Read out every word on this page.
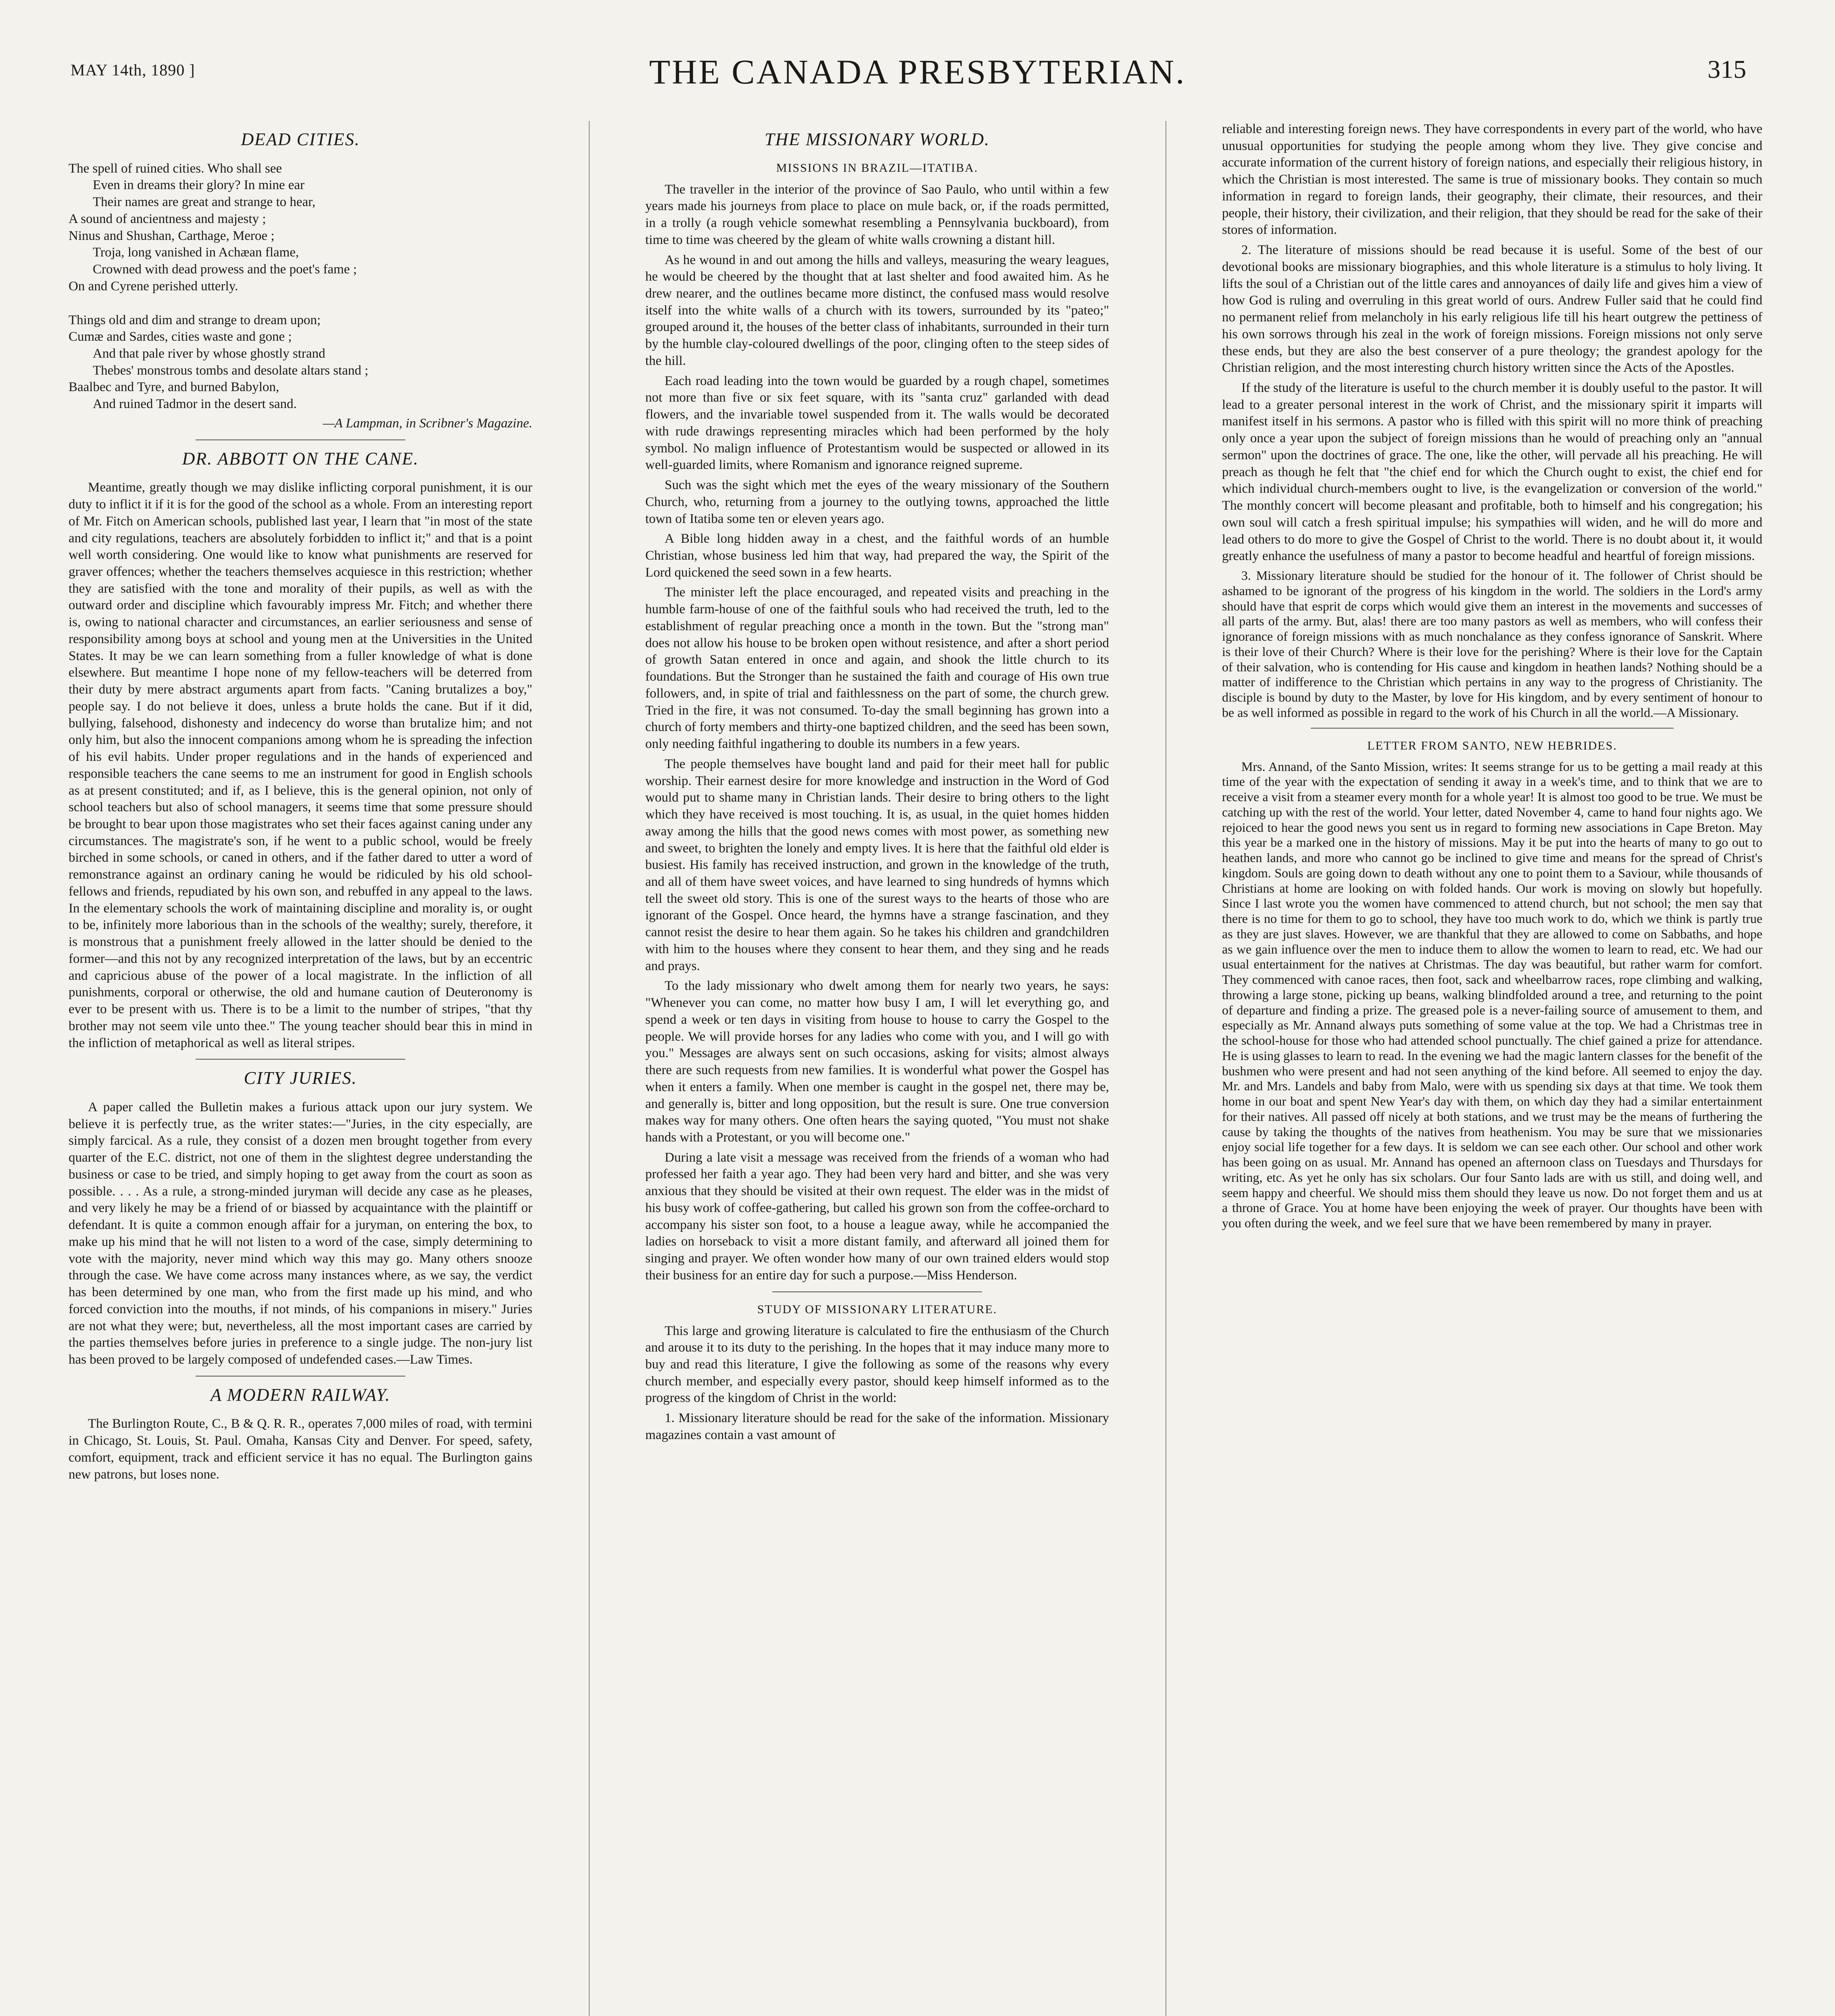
MAY 14th, 1890 ]	THE CANADA PRESBYTERIAN.	315
DEAD CITIES.

The spell of ruined cities. Who shall see

Even in dreams their glory? In mine ear

Their names are great and strange to hear,

A sound of ancientness and majesty ;

Ninus and Shushan, Carthage, Meroe ;

Troja, long vanished in Achæan flame,

Crowned with dead prowess and the poet's fame ;

On and Cyrene perished utterly.

Things old and dim and strange to dream upon;

Cumæ and Sardes, cities waste and gone ;

And that pale river by whose ghostly strand

Thebes' monstrous tombs and desolate altars stand ;

Baalbec and Tyre, and burned Babylon,

And ruined Tadmor in the desert sand.

—A Lampman, in Scribner's Magazine.

DR. ABBOTT ON THE CANE.

Meantime, greatly though we may dislike inflicting corporal punishment, it is our duty to inflict it if it is for the good of the school as a whole. From an interesting report of Mr. Fitch on American schools, published last year, I learn that "in most of the state and city regulations, teachers are absolutely forbidden to inflict it;" and that is a point well worth considering. One would like to know what punishments are reserved for graver offences; whether the teachers themselves acquiesce in this restriction; whether they are satisfied with the tone and morality of their pupils, as well as with the outward order and discipline which favourably impress Mr. Fitch; and whether there is, owing to national character and circumstances, an earlier seriousness and sense of responsibility among boys at school and young men at the Universities in the United States. It may be we can learn something from a fuller knowledge of what is done elsewhere. But meantime I hope none of my fellow-teachers will be deterred from their duty by mere abstract arguments apart from facts. "Caning brutalizes a boy," people say. I do not believe it does, unless a brute holds the cane. But if it did, bullying, falsehood, dishonesty and indecency do worse than brutalize him; and not only him, but also the innocent companions among whom he is spreading the infection of his evil habits. Under proper regulations and in the hands of experienced and responsible teachers the cane seems to me an instrument for good in English schools as at present constituted; and if, as I believe, this is the general opinion, not only of school teachers but also of school managers, it seems time that some pressure should be brought to bear upon those magistrates who set their faces against caning under any circumstances. The magistrate's son, if he went to a public school, would be freely birched in some schools, or caned in others, and if the father dared to utter a word of remonstrance against an ordinary caning he would be ridiculed by his old school-fellows and friends, repudiated by his own son, and rebuffed in any appeal to the laws. In the elementary schools the work of maintaining discipline and morality is, or ought to be, infinitely more laborious than in the schools of the wealthy; surely, therefore, it is monstrous that a punishment freely allowed in the latter should be denied to the former—and this not by any recognized interpretation of the laws, but by an eccentric and capricious abuse of the power of a local magistrate. In the infliction of all punishments, corporal or otherwise, the old and humane caution of Deuteronomy is ever to be present with us. There is to be a limit to the number of stripes, "that thy brother may not seem vile unto thee." The young teacher should bear this in mind in the infliction of metaphorical as well as literal stripes.

CITY JURIES.

A paper called the Bulletin makes a furious attack upon our jury system. We believe it is perfectly true, as the writer states:—"Juries, in the city especially, are simply farcical. As a rule, they consist of a dozen men brought together from every quarter of the E.C. district, not one of them in the slightest degree understanding the business or case to be tried, and simply hoping to get away from the court as soon as possible. . . . As a rule, a strong-minded juryman will decide any case as he pleases, and very likely he may be a friend of or biassed by acquaintance with the plaintiff or defendant. It is quite a common enough affair for a juryman, on entering the box, to make up his mind that he will not listen to a word of the case, simply determining to vote with the majority, never mind which way this may go. Many others snooze through the case. We have come across many instances where, as we say, the verdict has been determined by one man, who from the first made up his mind, and who forced conviction into the mouths, if not minds, of his companions in misery." Juries are not what they were; but, nevertheless, all the most important cases are carried by the parties themselves before juries in preference to a single judge. The non-jury list has been proved to be largely composed of undefended cases.—Law Times.

A MODERN RAILWAY.

The Burlington Route, C., B & Q. R. R., operates 7,000 miles of road, with termini in Chicago, St. Louis, St. Paul. Omaha, Kansas City and Denver. For speed, safety, comfort, equipment, track and efficient service it has no equal. The Burlington gains new patrons, but loses none.

THE MISSIONARY WORLD.
MISSIONS IN BRAZIL—ITATIBA.

The traveller in the interior of the province of Sao Paulo, who until within a few years made his journeys from place to place on mule back, or, if the roads permitted, in a trolly (a rough vehicle somewhat resembling a Pennsylvania buckboard), from time to time was cheered by the gleam of white walls crowning a distant hill.

As he wound in and out among the hills and valleys, measuring the weary leagues, he would be cheered by the thought that at last shelter and food awaited him. As he drew nearer, and the outlines became more distinct, the confused mass would resolve itself into the white walls of a church with its towers, surrounded by its "pateo;" grouped around it, the houses of the better class of inhabitants, surrounded in their turn by the humble clay-coloured dwellings of the poor, clinging often to the steep sides of the hill.

Each road leading into the town would be guarded by a rough chapel, sometimes not more than five or six feet square, with its "santa cruz" garlanded with dead flowers, and the invariable towel suspended from it. The walls would be decorated with rude drawings representing miracles which had been performed by the holy symbol. No malign influence of Protestantism would be suspected or allowed in its well-guarded limits, where Romanism and ignorance reigned supreme.

Such was the sight which met the eyes of the weary missionary of the Southern Church, who, returning from a journey to the outlying towns, approached the little town of Itatiba some ten or eleven years ago.

A Bible long hidden away in a chest, and the faithful words of an humble Christian, whose business led him that way, had prepared the way, the Spirit of the Lord quickened the seed sown in a few hearts.

The minister left the place encouraged, and repeated visits and preaching in the humble farm-house of one of the faithful souls who had received the truth, led to the establishment of regular preaching once a month in the town. But the "strong man" does not allow his house to be broken open without resistence, and after a short period of growth Satan entered in once and again, and shook the little church to its foundations. But the Stronger than he sustained the faith and courage of His own true followers, and, in spite of trial and faithlessness on the part of some, the church grew. Tried in the fire, it was not consumed. To-day the small beginning has grown into a church of forty members and thirty-one baptized children, and the seed has been sown, only needing faithful ingathering to double its numbers in a few years.

The people themselves have bought land and paid for their meet hall for public worship. Their earnest desire for more knowledge and instruction in the Word of God would put to shame many in Christian lands. Their desire to bring others to the light which they have received is most touching. It is, as usual, in the quiet homes hidden away among the hills that the good news comes with most power, as something new and sweet, to brighten the lonely and empty lives. It is here that the faithful old elder is busiest. His family has received instruction, and grown in the knowledge of the truth, and all of them have sweet voices, and have learned to sing hundreds of hymns which tell the sweet old story. This is one of the surest ways to the hearts of those who are ignorant of the Gospel. Once heard, the hymns have a strange fascination, and they cannot resist the desire to hear them again. So he takes his children and grandchildren with him to the houses where they consent to hear them, and they sing and he reads and prays.

To the lady missionary who dwelt among them for nearly two years, he says: "Whenever you can come, no matter how busy I am, I will let everything go, and spend a week or ten days in visiting from house to house to carry the Gospel to the people. We will provide horses for any ladies who come with you, and I will go with you." Messages are always sent on such occasions, asking for visits; almost always there are such requests from new families. It is wonderful what power the Gospel has when it enters a family. When one member is caught in the gospel net, there may be, and generally is, bitter and long opposition, but the result is sure. One true conversion makes way for many others. One often hears the saying quoted, "You must not shake hands with a Protestant, or you will become one."

During a late visit a message was received from the friends of a woman who had professed her faith a year ago. They had been very hard and bitter, and she was very anxious that they should be visited at their own request. The elder was in the midst of his busy work of coffee-gathering, but called his grown son from the coffee-orchard to accompany his sister son foot, to a house a league away, while he accompanied the ladies on horseback to visit a more distant family, and afterward all joined them for singing and prayer. We often wonder how many of our own trained elders would stop their business for an entire day for such a purpose.—Miss Henderson.

STUDY OF MISSIONARY LITERATURE.

This large and growing literature is calculated to fire the enthusiasm of the Church and arouse it to its duty to the perishing. In the hopes that it may induce many more to buy and read this literature, I give the following as some of the reasons why every church member, and especially every pastor, should keep himself informed as to the progress of the kingdom of Christ in the world:

1. Missionary literature should be read for the sake of the information. Missionary magazines contain a vast amount of

reliable and interesting foreign news. They have correspondents in every part of the world, who have unusual opportunities for studying the people among whom they live. They give concise and accurate information of the current history of foreign nations, and especially their religious history, in which the Christian is most interested. The same is true of missionary books. They contain so much information in regard to foreign lands, their geography, their climate, their resources, and their people, their history, their civilization, and their religion, that they should be read for the sake of their stores of information.

2. The literature of missions should be read because it is useful. Some of the best of our devotional books are missionary biographies, and this whole literature is a stimulus to holy living. It lifts the soul of a Christian out of the little cares and annoyances of daily life and gives him a view of how God is ruling and overruling in this great world of ours. Andrew Fuller said that he could find no permanent relief from melancholy in his early religious life till his heart outgrew the pettiness of his own sorrows through his zeal in the work of foreign missions. Foreign missions not only serve these ends, but they are also the best conserver of a pure theology; the grandest apology for the Christian religion, and the most interesting church history written since the Acts of the Apostles.

If the study of the literature is useful to the church member it is doubly useful to the pastor. It will lead to a greater personal interest in the work of Christ, and the missionary spirit it imparts will manifest itself in his sermons. A pastor who is filled with this spirit will no more think of preaching only once a year upon the subject of foreign missions than he would of preaching only an "annual sermon" upon the doctrines of grace. The one, like the other, will pervade all his preaching. He will preach as though he felt that "the chief end for which the Church ought to exist, the chief end for which individual church-members ought to live, is the evangelization or conversion of the world." The monthly concert will become pleasant and profitable, both to himself and his congregation; his own soul will catch a fresh spiritual impulse; his sympathies will widen, and he will do more and lead others to do more to give the Gospel of Christ to the world. There is no doubt about it, it would greatly enhance the usefulness of many a pastor to become headful and heartful of foreign missions.

3. Missionary literature should be studied for the honour of it. The follower of Christ should be ashamed to be ignorant of the progress of his kingdom in the world. The soldiers in the Lord's army should have that esprit de corps which would give them an interest in the movements and successes of all parts of the army. But, alas! there are too many pastors as well as members, who will confess their ignorance of foreign missions with as much nonchalance as they confess ignorance of Sanskrit. Where is their love of their Church? Where is their love for the perishing? Where is their love for the Captain of their salvation, who is contending for His cause and kingdom in heathen lands? Nothing should be a matter of indifference to the Christian which pertains in any way to the progress of Christianity. The disciple is bound by duty to the Master, by love for His kingdom, and by every sentiment of honour to be as well informed as possible in regard to the work of his Church in all the world.—A Missionary.

LETTER FROM SANTO, NEW HEBRIDES.

Mrs. Annand, of the Santo Mission, writes: It seems strange for us to be getting a mail ready at this time of the year with the expectation of sending it away in a week's time, and to think that we are to receive a visit from a steamer every month for a whole year! It is almost too good to be true. We must be catching up with the rest of the world. Your letter, dated November 4, came to hand four nights ago. We rejoiced to hear the good news you sent us in regard to forming new associations in Cape Breton. May this year be a marked one in the history of missions. May it be put into the hearts of many to go out to heathen lands, and more who cannot go be inclined to give time and means for the spread of Christ's kingdom. Souls are going down to death without any one to point them to a Saviour, while thousands of Christians at home are looking on with folded hands. Our work is moving on slowly but hopefully. Since I last wrote you the women have commenced to attend church, but not school; the men say that there is no time for them to go to school, they have too much work to do, which we think is partly true as they are just slaves. However, we are thankful that they are allowed to come on Sabbaths, and hope as we gain influence over the men to induce them to allow the women to learn to read, etc. We had our usual entertainment for the natives at Christmas. The day was beautiful, but rather warm for comfort. They commenced with canoe races, then foot, sack and wheelbarrow races, rope climbing and walking, throwing a large stone, picking up beans, walking blindfolded around a tree, and returning to the point of departure and finding a prize. The greased pole is a never-failing source of amusement to them, and especially as Mr. Annand always puts something of some value at the top. We had a Christmas tree in the school-house for those who had attended school punctually. The chief gained a prize for attendance. He is using glasses to learn to read. In the evening we had the magic lantern classes for the benefit of the bushmen who were present and had not seen anything of the kind before. All seemed to enjoy the day. Mr. and Mrs. Landels and baby from Malo, were with us spending six days at that time. We took them home in our boat and spent New Year's day with them, on which day they had a similar entertainment for their natives. All passed off nicely at both stations, and we trust may be the means of furthering the cause by taking the thoughts of the natives from heathenism. You may be sure that we missionaries enjoy social life together for a few days. It is seldom we can see each other. Our school and other work has been going on as usual. Mr. Annand has opened an afternoon class on Tuesdays and Thursdays for writing, etc. As yet he only has six scholars. Our four Santo lads are with us still, and doing well, and seem happy and cheerful. We should miss them should they leave us now. Do not forget them and us at a throne of Grace. You at home have been enjoying the week of prayer. Our thoughts have been with you often during the week, and we feel sure that we have been remembered by many in prayer.
